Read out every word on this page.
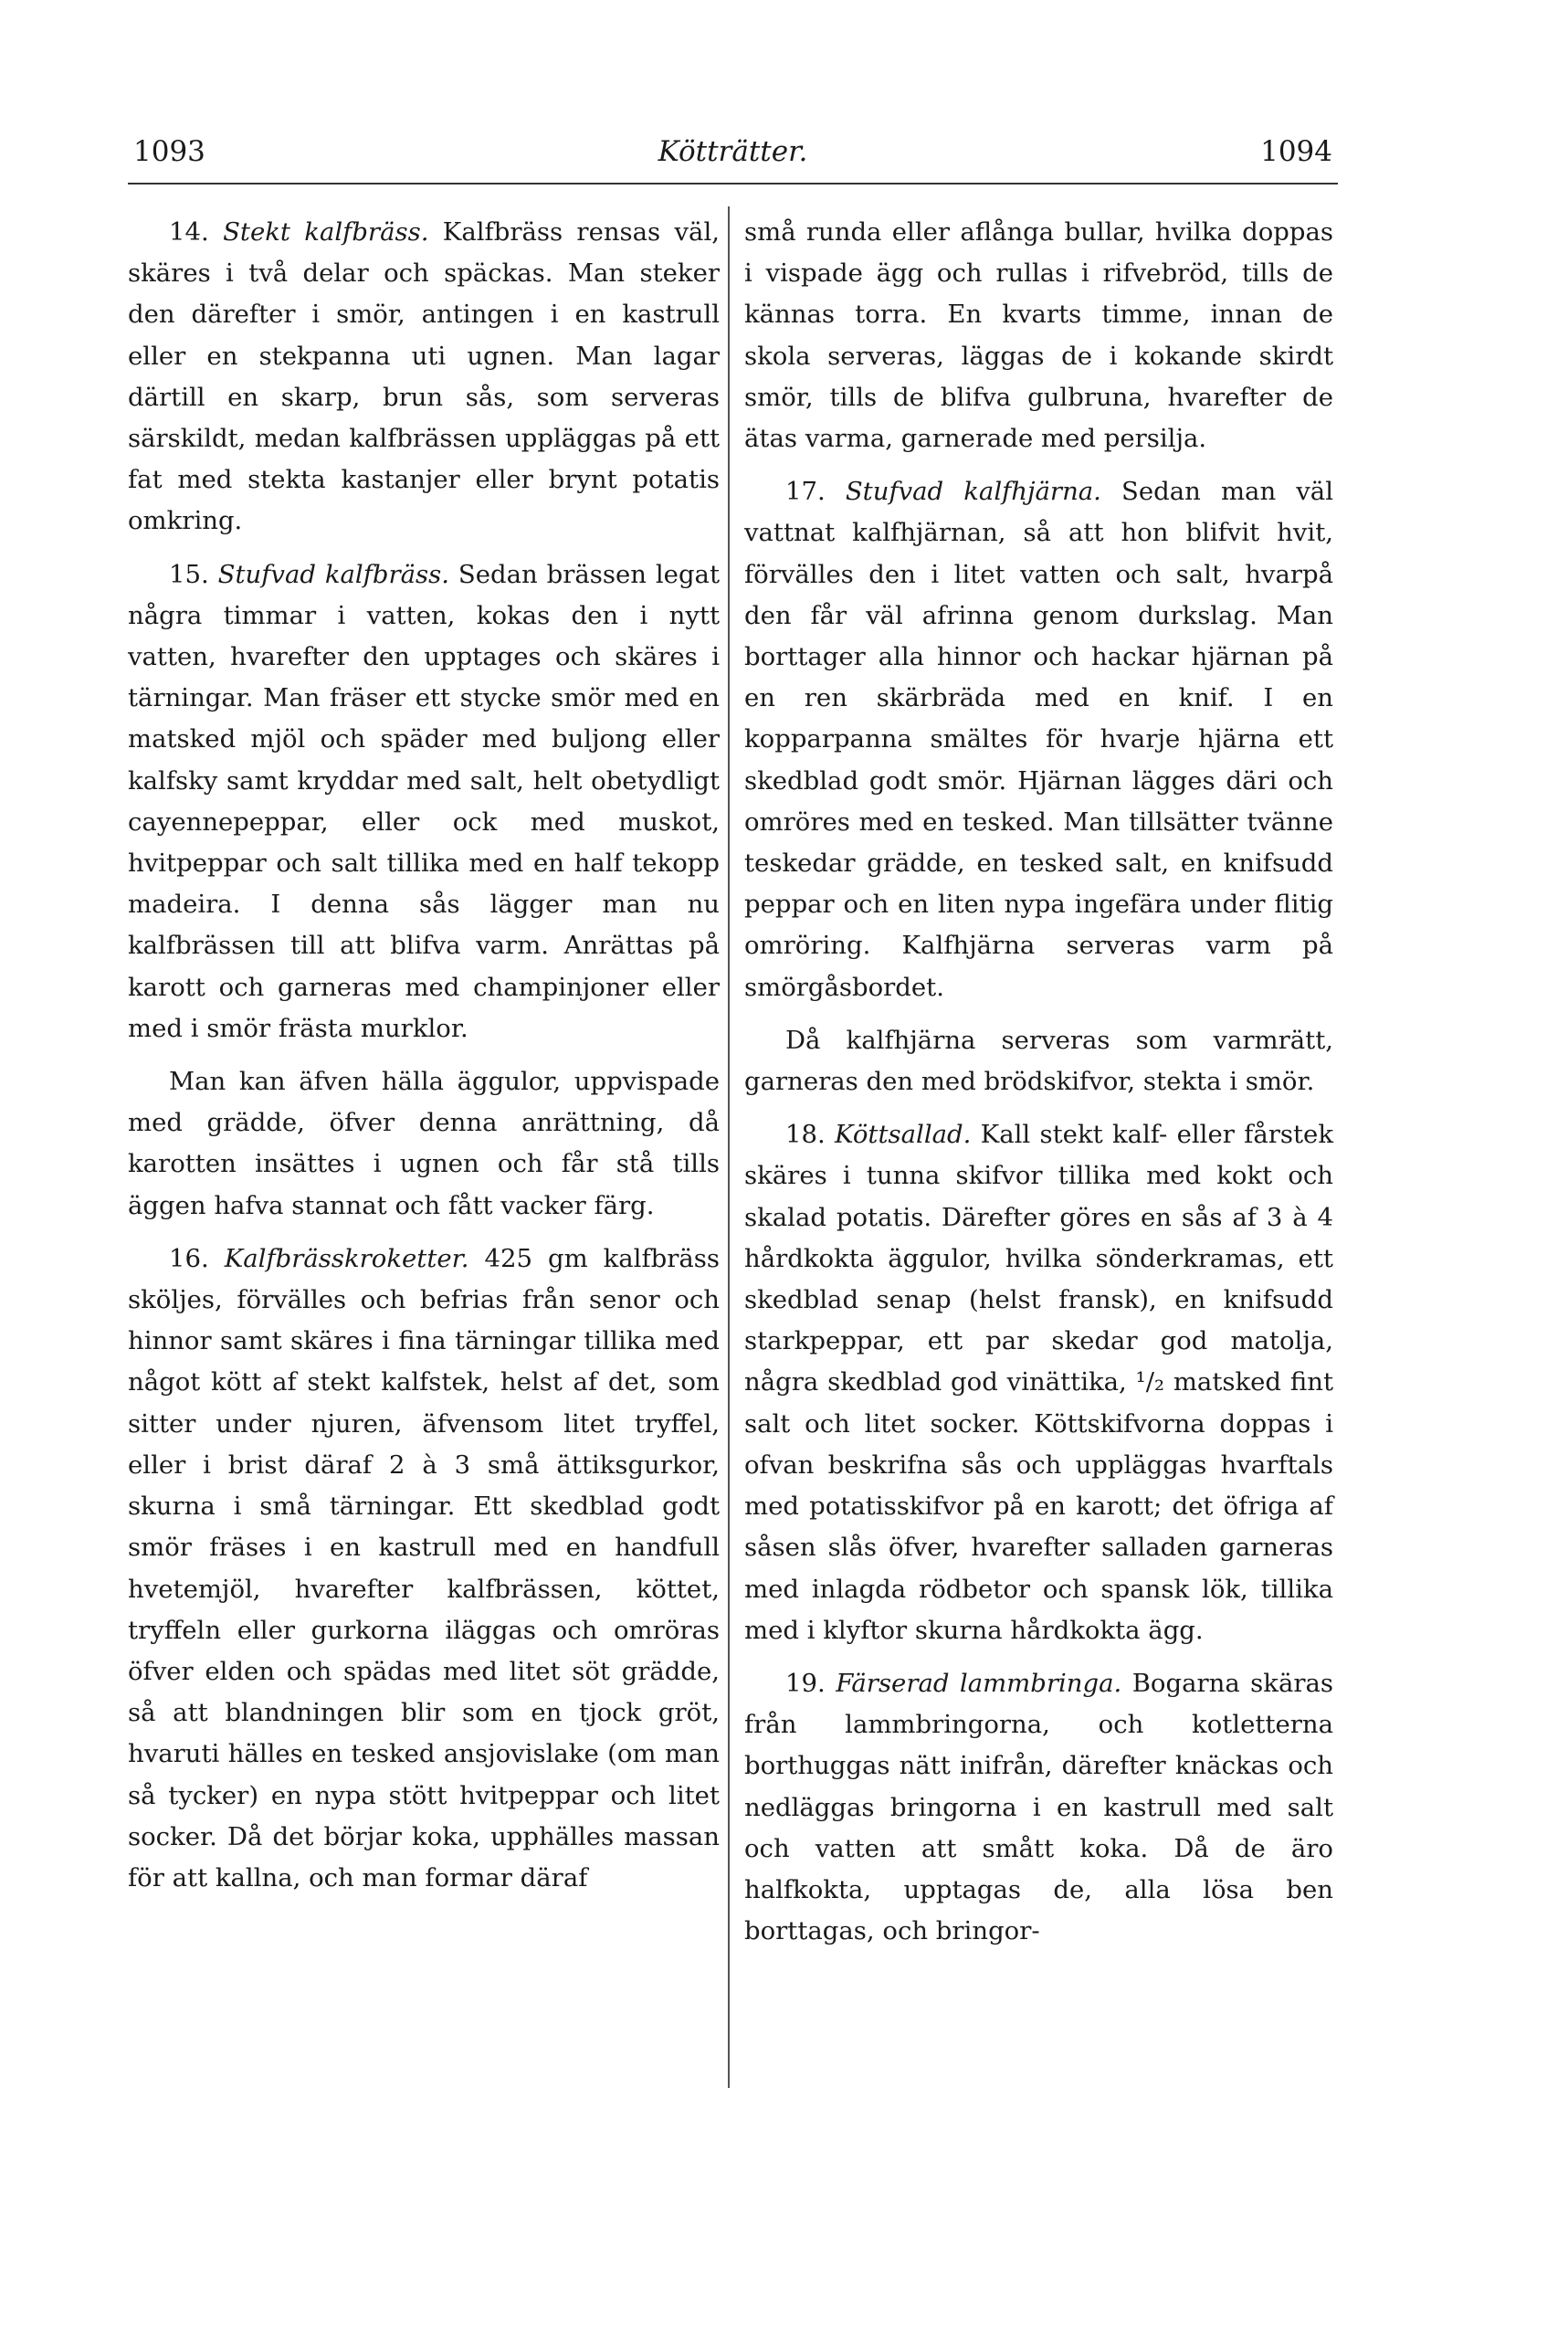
1093	Kötträtter.	1094

14. Stekt kalfbräss. Kalfbräss rensas väl, skäres i två delar och späckas. Man steker den därefter i smör, antingen i en kastrull eller en stekpanna uti ugnen. Man lagar därtill en skarp, brun sås, som serveras särskildt, medan kalfbrässen uppläggas på ett fat med stekta kastanjer eller brynt potatis omkring.

15. Stufvad kalfbräss. Sedan brässen legat några timmar i vatten, kokas den i nytt vatten, hvarefter den upptages och skäres i tärningar. Man fräser ett stycke smör med en matsked mjöl och späder med buljong eller kalfsky samt kryddar med salt, helt obetydligt cayennepeppar, eller ock med muskot, hvitpeppar och salt tillika med en half tekopp madeira. I denna sås lägger man nu kalfbrässen till att blifva varm. Anrättas på karott och garneras med champinjoner eller med i smör frästa murklor.

Man kan äfven hälla äggulor, uppvispade med grädde, öfver denna anrättning, då karotten insättes i ugnen och får stå tills äggen hafva stannat och fått vacker färg.

16. Kalfbrässkroketter. 425 gm kalfbräss sköljes, förvälles och befrias från senor och hinnor samt skäres i fina tärningar tillika med något kött af stekt kalfstek, helst af det, som sitter under njuren, äfvensom litet tryffel, eller i brist däraf 2 à 3 små ättiksgurkor, skurna i små tärningar. Ett skedblad godt smör fräses i en kastrull med en handfull hvetemjöl, hvarefter kalfbrässen, köttet, tryffeln eller gurkorna iläggas och omröras öfver elden och spädas med litet söt grädde, så att blandningen blir som en tjock gröt, hvaruti hälles en tesked ansjovislake (om man så tycker) en nypa stött hvitpeppar och litet socker. Då det börjar koka, upphälles massan för att kallna, och man formar däraf

små runda eller aflånga bullar, hvilka doppas i vispade ägg och rullas i rifvebröd, tills de kännas torra. En kvarts timme, innan de skola serveras, läggas de i kokande skirdt smör, tills de blifva gulbruna, hvarefter de ätas varma, garnerade med persilja.

17. Stufvad kalfhjärna. Sedan man väl vattnat kalfhjärnan, så att hon blifvit hvit, förvälles den i litet vatten och salt, hvarpå den får väl afrinna genom durkslag. Man borttager alla hinnor och hackar hjärnan på en ren skärbräda med en knif. I en kopparpanna smältes för hvarje hjärna ett skedblad godt smör. Hjärnan lägges däri och omröres med en tesked. Man tillsätter tvänne teskedar grädde, en tesked salt, en knifsudd peppar och en liten nypa ingefära under flitig omröring. Kalfhjärna serveras varm på smörgåsbordet.

Då kalfhjärna serveras som varmrätt, garneras den med brödskifvor, stekta i smör.

18. Köttsallad. Kall stekt kalf- eller fårstek skäres i tunna skifvor tillika med kokt och skalad potatis. Därefter göres en sås af 3 à 4 hårdkokta äggulor, hvilka sönderkramas, ett skedblad senap (helst fransk), en knifsudd starkpeppar, ett par skedar god matolja, några skedblad god vinättika, ¹/₂ matsked fint salt och litet socker. Köttskifvorna doppas i ofvan beskrifna sås och uppläggas hvarftals med potatisskifvor på en karott; det öfriga af såsen slås öfver, hvarefter salladen garneras med inlagda rödbetor och spansk lök, tillika med i klyftor skurna hårdkokta ägg.

19. Färserad lammbringa. Bogarna skäras från lammbringorna, och kotletterna borthuggas nätt inifrån, därefter knäckas och nedläggas bringorna i en kastrull med salt och vatten att smått koka. Då de äro halfkokta, upptagas de, alla lösa ben borttagas, och bringor-
